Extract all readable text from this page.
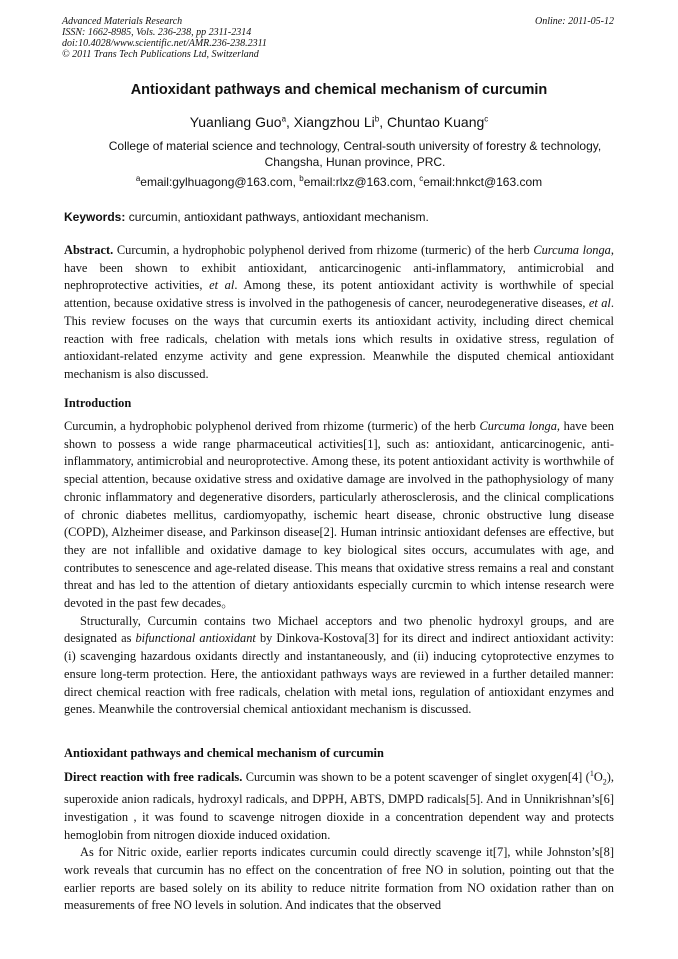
Advanced Materials Research
ISSN: 1662-8985, Vols. 236-238, pp 2311-2314
doi:10.4028/www.scientific.net/AMR.236-238.2311
© 2011 Trans Tech Publications Ltd, Switzerland
Online: 2011-05-12
Antioxidant pathways and chemical mechanism of curcumin
Yuanliang Guo$^a$, Xiangzhou Li$^b$, Chuntao Kuang$^c$
College of material science and technology, Central-south university of forestry & technology,
Changsha, Hunan province, PRC.
$^a$email:gylhuagong@163.com, $^b$email:rlxz@163.com, $^c$email:hnkct@163.com
Keywords: curcumin, antioxidant pathways, antioxidant mechanism.

Abstract. Curcumin, a hydrophobic polyphenol derived from rhizome (turmeric) of the herb Curcuma longa, have been shown to exhibit antioxidant, anticarcinogenic anti-inflammatory, antimicrobial and nephroprotective activities, et al. Among these, its potent antioxidant activity is worthwhile of special attention, because oxidative stress is involved in the pathogenesis of cancer, neurodegenerative diseases, et al. This review focuses on the ways that curcumin exerts its antioxidant activity, including direct chemical reaction with free radicals, chelation with metals ions which results in oxidative stress, regulation of antioxidant-related enzyme activity and gene expression. Meanwhile the disputed chemical antioxidant mechanism is also discussed.

Introduction

Curcumin, a hydrophobic polyphenol derived from rhizome (turmeric) of the herb Curcuma longa, have been shown to possess a wide range pharmaceutical activities[1], such as: antioxidant, anticarcinogenic, anti-inflammatory, antimicrobial and neuroprotective. Among these, its potent antioxidant activity is worthwhile of special attention, because oxidative stress and oxidative damage are involved in the pathophysiology of many chronic inflammatory and degenerative disorders, particularly atherosclerosis, and the clinical complications of chronic diabetes mellitus, cardiomyopathy, ischemic heart disease, chronic obstructive lung disease (COPD), Alzheimer disease, and Parkinson disease[2]. Human intrinsic antioxidant defenses are effective, but they are not infallible and oxidative damage to key biological sites occurs, accumulates with age, and contributes to senescence and age-related disease. This means that oxidative stress remains a real and constant threat and has led to the attention of dietary antioxidants especially curcmin to which intense research were devoted in the past few decades。

Structurally, Curcumin contains two Michael acceptors and two phenolic hydroxyl groups, and are designated as bifunctional antioxidant by Dinkova-Kostova[3] for its direct and indirect antioxidant activity: (i) scavenging hazardous oxidants directly and instantaneously, and (ii) inducing cytoprotective enzymes to ensure long-term protection. Here, the antioxidant pathways ways are reviewed in a further detailed manner: direct chemical reaction with free radicals, chelation with metal ions, regulation of antioxidant enzymes and genes. Meanwhile the controversial chemical antioxidant mechanism is discussed.

Antioxidant pathways and chemical mechanism of curcumin

Direct reaction with free radicals. Curcumin was shown to be a potent scavenger of singlet oxygen[4] $(^1O_2)$, superoxide anion radicals, hydroxyl radicals, and DPPH, ABTS, DMPD radicals[5]. And in Unnikrishnan’s[6] investigation , it was found to scavenge nitrogen dioxide in a concentration dependent way and protects hemoglobin from nitrogen dioxide induced oxidation.

As for Nitric oxide, earlier reports indicates curcumin could directly scavenge it[7], while Johnston’s[8] work reveals that curcumin has no effect on the concentration of free NO in solution, pointing out that the earlier reports are based solely on its ability to reduce nitrite formation from NO oxidation rather than on measurements of free NO levels in solution. And indicates that the observed
